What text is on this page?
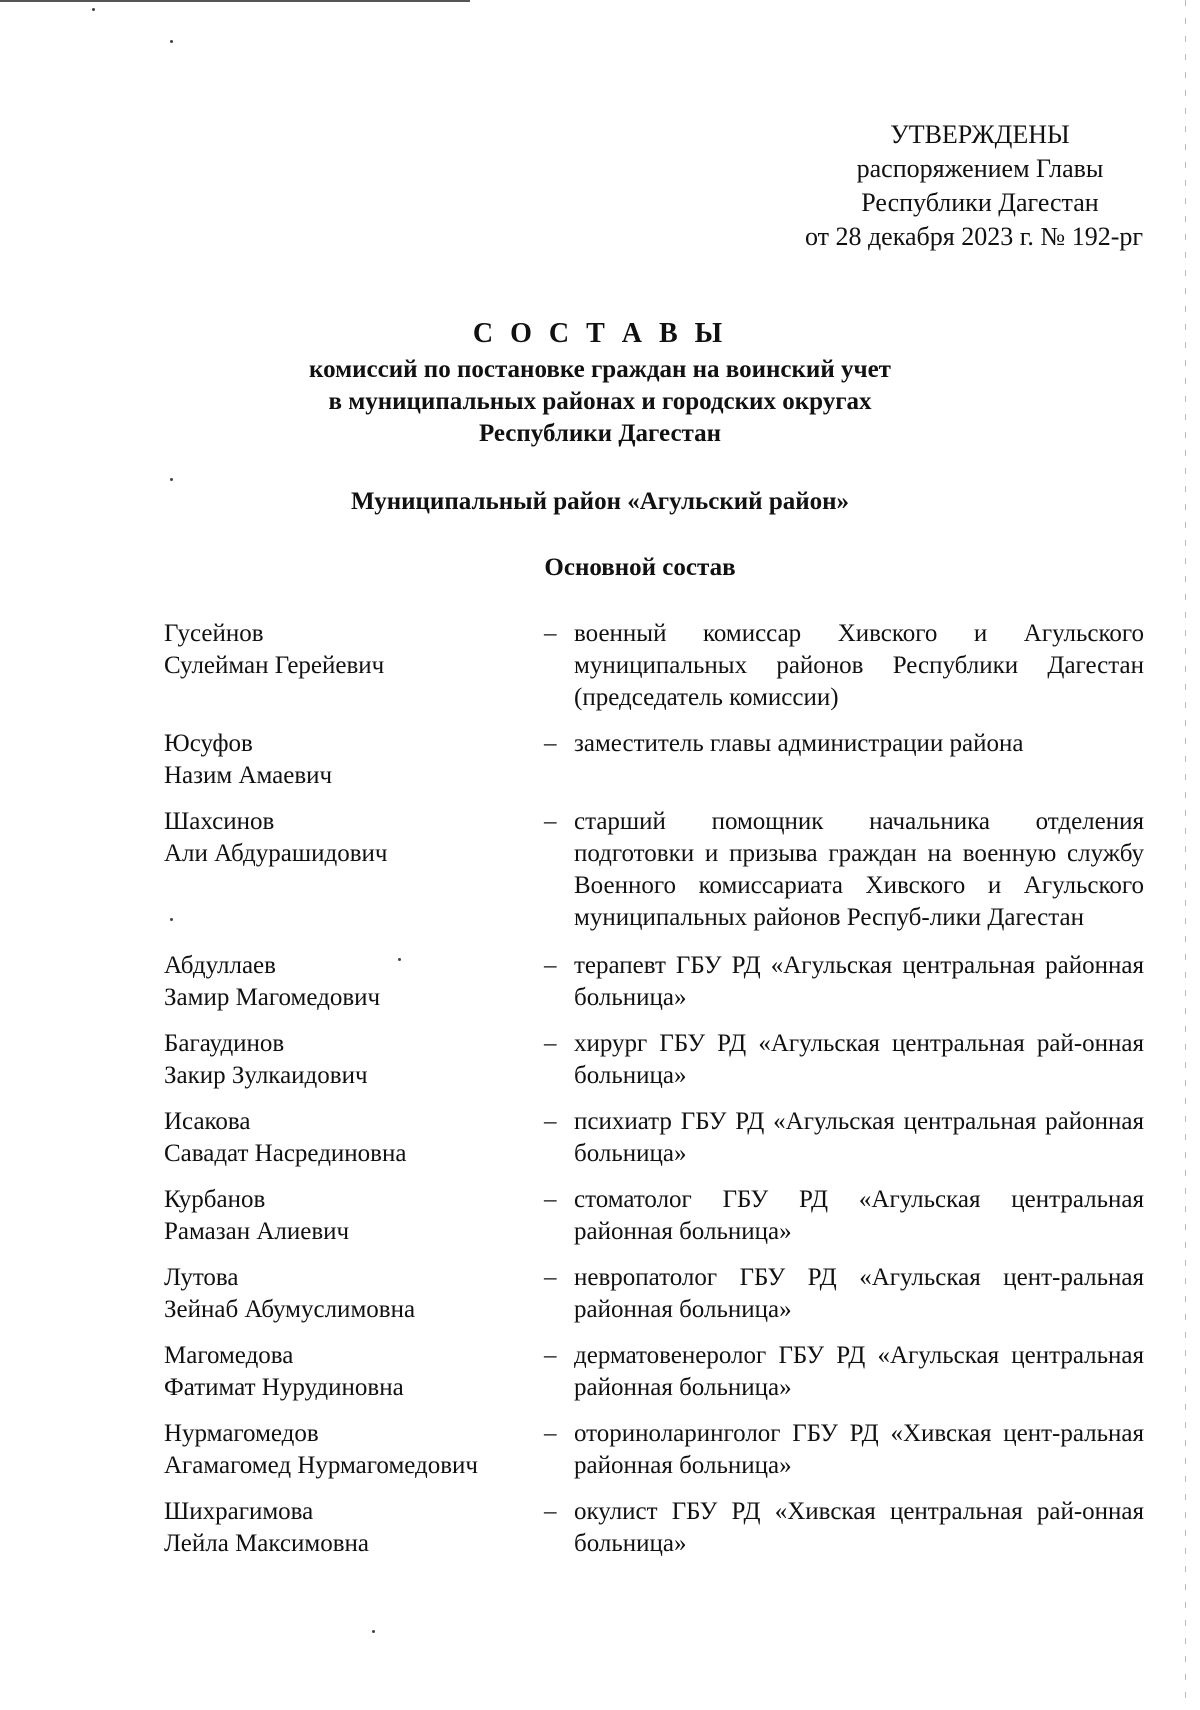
УТВЕРЖДЕНЫ
распоряжением Главы
Республики Дагестан
от 28 декабря 2023 г. № 192-рг
С О С Т А В Ы
комиссий по постановке граждан на воинский учет
в муниципальных районах и городских округах
Республики Дагестан
Муниципальный район «Агульский район»
Основной состав
Гусейнов
Сулейман Герейевич
– военный комиссар Хивского и Агульского муниципальных районов Республики Дагестан (председатель комиссии)
Юсуфов
Назим Амаевич
– заместитель главы администрации района
Шахсинов
Али Абдурашидович
– старший помощник начальника отделения подготовки и призыва граждан на военную службу Военного комиссариата Хивского и Агульского муниципальных районов Респуб-лики Дагестан
Абдуллаев
Замир Магомедович
– терапевт ГБУ РД «Агульская центральная районная больница»
Багаудинов
Закир Зулкаидович
– хирург ГБУ РД «Агульская центральная рай-онная больница»
Исакова
Савадат Насрединовна
– психиатр ГБУ РД «Агульская центральная районная больница»
Курбанов
Рамазан Алиевич
– стоматолог ГБУ РД «Агульская центральная районная больница»
Лутова
Зейнаб Абумуслимовна
– невропатолог ГБУ РД «Агульская цент-ральная районная больница»
Магомедова
Фатимат Нурудиновна
– дерматовенеролог ГБУ РД «Агульская центральная районная больница»
Нурмагомедов
Агамагомед Нурмагомедович
– оториноларинголог ГБУ РД «Хивская цент-ральная районная больница»
Шихрагимова
Лейла Максимовна
– окулист ГБУ РД «Хивская центральная рай-онная больница»
